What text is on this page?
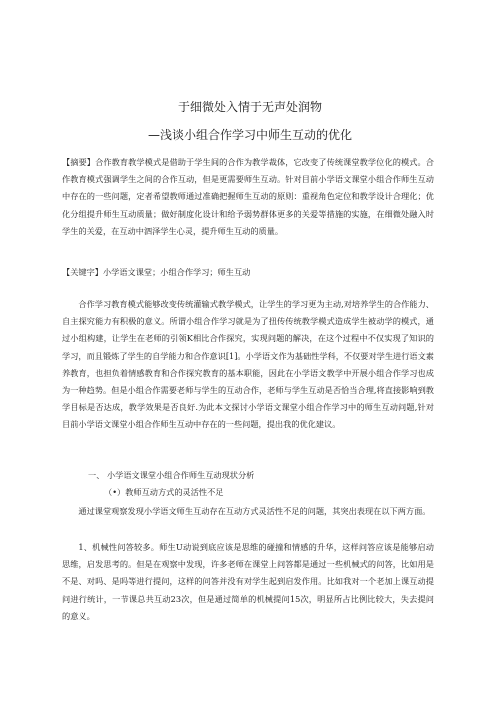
于细微处入情于无声处润物
—浅谈小组合作学习中师生互动的优化

【摘要】合作教育教学模式是借助于学生间的合作为教学裁体，它改变了传统课堂教学位化的模式。合作教育模式强调学生之间的合作互动，但是更需要师生互动。针对目前小学语文课堂小组合作师生互动中存在的一些问题，定者希望教师通过准确把握师生互动的原则：重视角色定位和教学设计合理化；优化分组提升师生互动质量；做好制度化设计和给予弱势群体更多的关爱等措施的实施，在细微处融入时学生的关爱，在互动中泗泽学生心灵，提升师生互动的质量。

【关键字】小学语文课堂；小组合作学习；师生互动

合作学习教育模式能够改变传统灌输式教学模式，让学生的学习更为主动,对培养学生的合作能力、自主探究能力有积极的意义。所谓小组合作学习就是为了扭传传统教学模式造成学生被动学的模式，通过小组构建，让学生在老师的引领K相比合作探究，实现问题的解决，在这个过程中不仅实现了知识的学习，而且锻炼了学生的自学能力和合作意识[1]。小学语文作为基础性学科，不仅要对学生进行语文素养教育，也担负着情感教育和合作探究教育的基本职能，因此在小学语文教学中开展小组合作学习也成为一种趋势。但是小组合作需要老师与学生的互动合作，老师与学生互动是否恰当合理,将直接影响到教学目标是否达成，教学效果是否良好.为此本文探讨小学语文课堂小组合作学习中的师生互动问题,针对目前小学语文课堂小组合作师生互动中存在的一些问题，提出我的优化建议。

一、 小学语文课堂小组合作师生互动现状分析
（•）教师互动方式的灵活性不足

通过课堂观察发现小学语文师生互动存在互动方式灵活性不足的问题，其突出表现在以下两方面。

1、机械性问答较多。师生U动说到底应该是思维的碰撞和情感的升华，这样问答应该是能够启动思维，启发思考的。但是在观察中发现，许多老师在课堂上问答都是通过一些机械式的问答，比如用是不是、对吗、是吗等进行提问，这样的问答并没有对学生起到启发作用。比如我对一个老加上课互动提问进行统计，一节课总共互动23次，但是通过简单的机械提问15次，明显所占比例比较大，失去提问的意义。
